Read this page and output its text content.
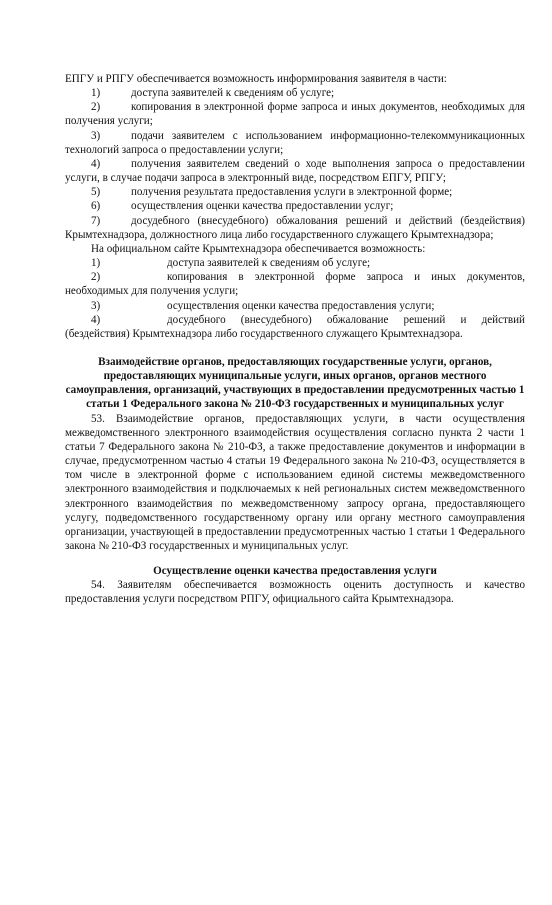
ЕПГУ и РПГУ обеспечивается возможность информирования заявителя в части:

1)	доступа заявителей к сведениям об услуге;
2)	копирования в электронной форме запроса и иных документов, необходимых для получения услуги;
3)	подачи заявителем с использованием информационно-телекоммуникационных технологий запроса о предоставлении услуги;
4)	получения заявителем сведений о ходе выполнения запроса о предоставлении услуги, в случае подачи запроса в электронный виде, посредством ЕПГУ, РПГУ;
5)	получения результата предоставления услуги в электронной форме;
6)	осуществления оценки качества предоставлении услуг;
7)	досудебного (внесудебного) обжалования решений и действий (бездействия) Крымтехнадзора, должностного лица либо государственного служащего Крымтехнадзора;

На официальном сайте Крымтехнадзора обеспечивается возможность:

1)	доступа заявителей к сведениям об услуге;
2)	копирования в электронной форме запроса и иных документов, необходимых для получения услуги;
3)	осуществления оценки качества предоставления услуги;
4)	досудебного (внесудебного) обжалование решений и действий (бездействия) Крымтехнадзора либо государственного служащего Крымтехнадзора.

Взаимодействие органов, предоставляющих государственные услуги, органов, предоставляющих муниципальные услуги, иных органов, органов местного самоуправления, организаций, участвующих в предоставлении предусмотренных частью 1 статьи 1 Федерального закона № 210-ФЗ государственных и муниципальных услуг

53. Взаимодействие органов, предоставляющих услуги, в части осуществления межведомственного электронного взаимодействия осуществления согласно пункта 2 части 1 статьи 7 Федерального закона № 210-ФЗ, а также предоставление документов и информации в случае, предусмотренном частью 4 статьи 19 Федерального закона № 210-ФЗ, осуществляется в том числе в электронной форме с использованием единой системы межведомственного электронного взаимодействия и подключаемых к ней региональных систем межведомственного электронного взаимодействия по межведомственному запросу органа, предоставляющего услугу, подведомственного государственному органу или органу местного самоуправления организации, участвующей в предоставлении предусмотренных частью 1 статьи 1 Федерального закона № 210-ФЗ государственных и муниципальных услуг.

Осуществление оценки качества предоставления услуги

54. Заявителям обеспечивается возможность оценить доступность и качество предоставления услуги посредством РПГУ, официального сайта Крымтехнадзора.
